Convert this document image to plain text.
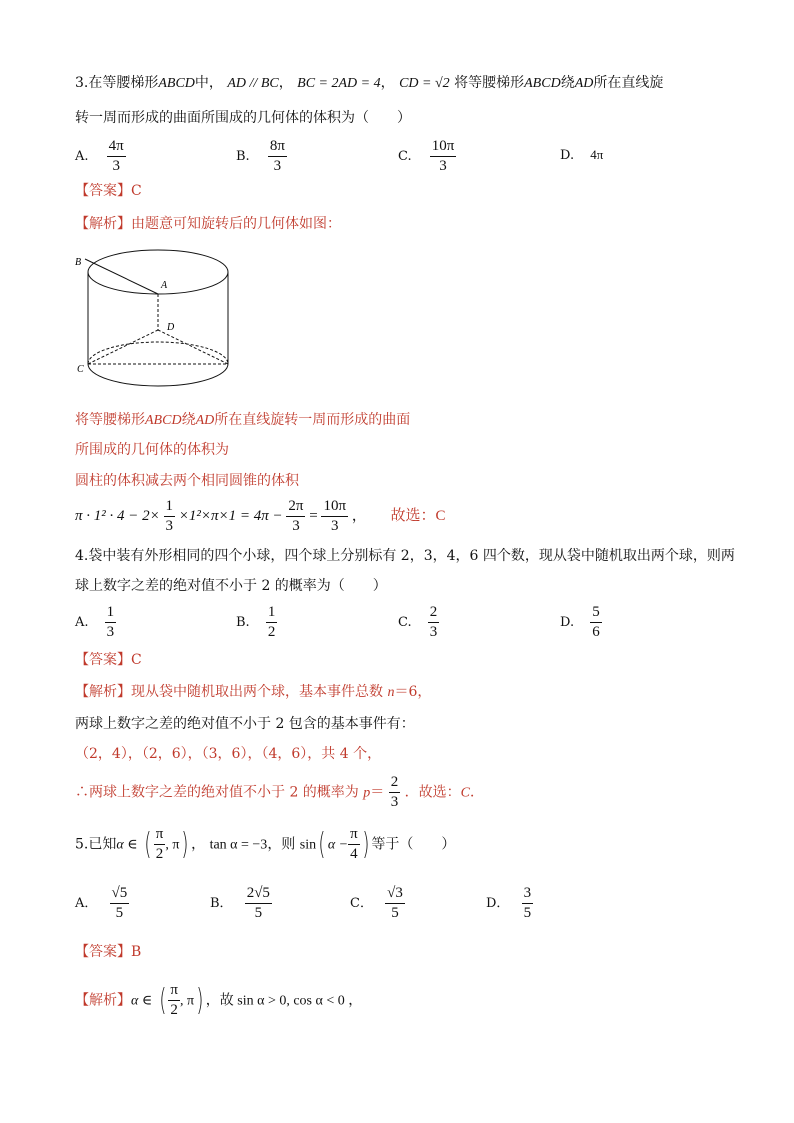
3.在等腰梯形ABCD中， AD // BC， BC = 2AD = 4， CD = √2 将等腰梯形ABCD绕AD所在直线旋
转一周而形成的曲面所围成的几何体的体积为（　　）
A. $\frac{4\pi}{3}$	B. $\frac{8\pi}{3}$	C. $\frac{10\pi}{3}$	D. 4π
【答案】C
【解析】由题意可知旋转后的几何体如图：
B
A
D
C
将等腰梯形ABCD绕AD所在直线旋转一周而形成的曲面
所围成的几何体的体积为
圆柱的体积减去两个相同圆锥的体积
$\pi \cdot 1^2 \cdot 4 - 2\times \frac{1}{3} \times 1^2\times\pi\times 1 = 4\pi - \frac{2\pi}{3} = \frac{10\pi}{3}$ ， 故选：C
4.袋中装有外形相同的四个小球，四个球上分别标有 2，3，4，6 四个数，现从袋中随机取出两个球，则两
球上数字之差的绝对值不小于 2 的概率为（　　）
A. $\frac{1}{3}$	B. $\frac{1}{2}$	C. $\frac{2}{3}$	D. $\frac{5}{6}$
【答案】C
【解析】现从袋中随机取出两个球，基本事件总数 n＝6，
两球上数字之差的绝对值不小于 2 包含的基本事件有：
（2，4），（2，6），（3，6），（4，6），共 4 个，
∴两球上数字之差的绝对值不小于 2 的概率为 $p= \frac{2}{3}$ ．故选：C．
5.已知α ∈ ( $\frac{\pi}{2}$ , π) ， tan α = −3，则 sin( $\alpha - \frac{\pi}{4}$ ) 等于（　　）
A． $\frac{√5}{5}$	B． $\frac{2√5}{5}$	C． $\frac{√3}{5}$	D． $\frac{3}{5}$
【答案】B
【解析】α ∈ ( $\frac{\pi}{2}$ , π) ，故 sin α > 0, cos α < 0 ，
